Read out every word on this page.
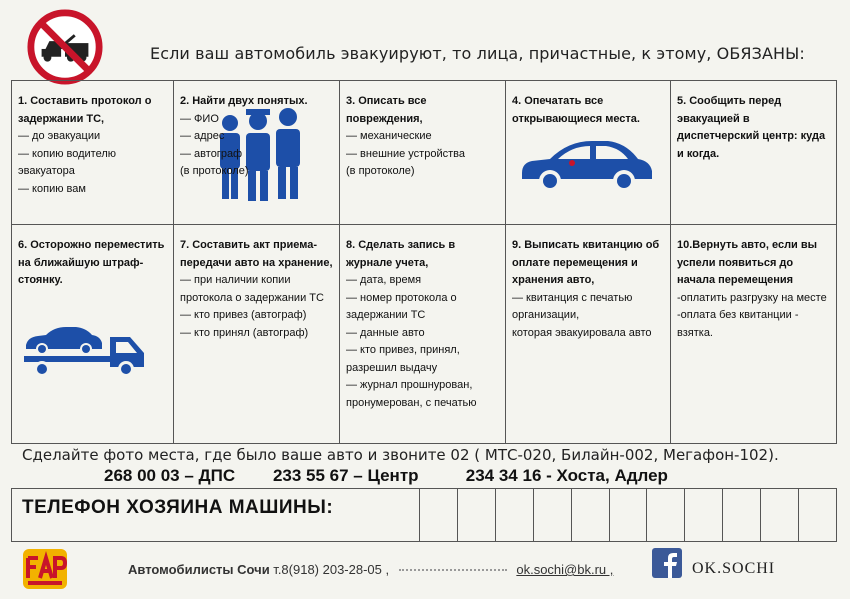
Если ваш автомобиль эвакуируют, то лица, причастные, к этому, ОБЯЗАНЫ:
1. Составить протокол о задержании ТС,
— до эвакуации
— копию водителю эвакуатора
— копию вам
2. Найти двух понятых.
— ФИО
— адрес
— автограф
(в протоколе)
3. Описать все повреждения,
— механические
— внешние устройства
(в протоколе)
4. Опечатать все открывающиеся места.
5. Сообщить перед эвакуацией в диспетчерский центр: куда и когда.
6. Осторожно переместить на ближайшую штраф-стоянку.
7. Составить акт приема-передачи авто на хранение,
— при наличии копии протокола о задержании ТС
— кто привез (автограф)
— кто принял (автограф)
8. Сделать запись в журнале учета,
— дата, время
— номер протокола о задержании ТС
— данные авто
— кто привез, принял, разрешил выдачу
— журнал прошнурован, пронумерован, с печатью
9. Выписать квитанцию об оплате перемещения и хранения авто,
— квитанция с печатью организации,
которая эвакуировала авто
10.Вернуть авто, если вы успели появиться до начала перемещения
-оплатить разгрузку на месте
-оплата без квитанции - взятка.
Сделайте фото места, где было ваше авто и звоните 02 ( МТС-020, Билайн-002, Мегафон-102).
268 00 03 – ДПС
233 55 67 – Центр
	234 34 16 - Хоста, Адлер
ТЕЛЕФОН ХОЗЯИНА МАШИНЫ:
Автомобилисты Сочи т.8(918) 203-28-05 ,	ok.sochi@bk.ru ,	OK.SOCHI
